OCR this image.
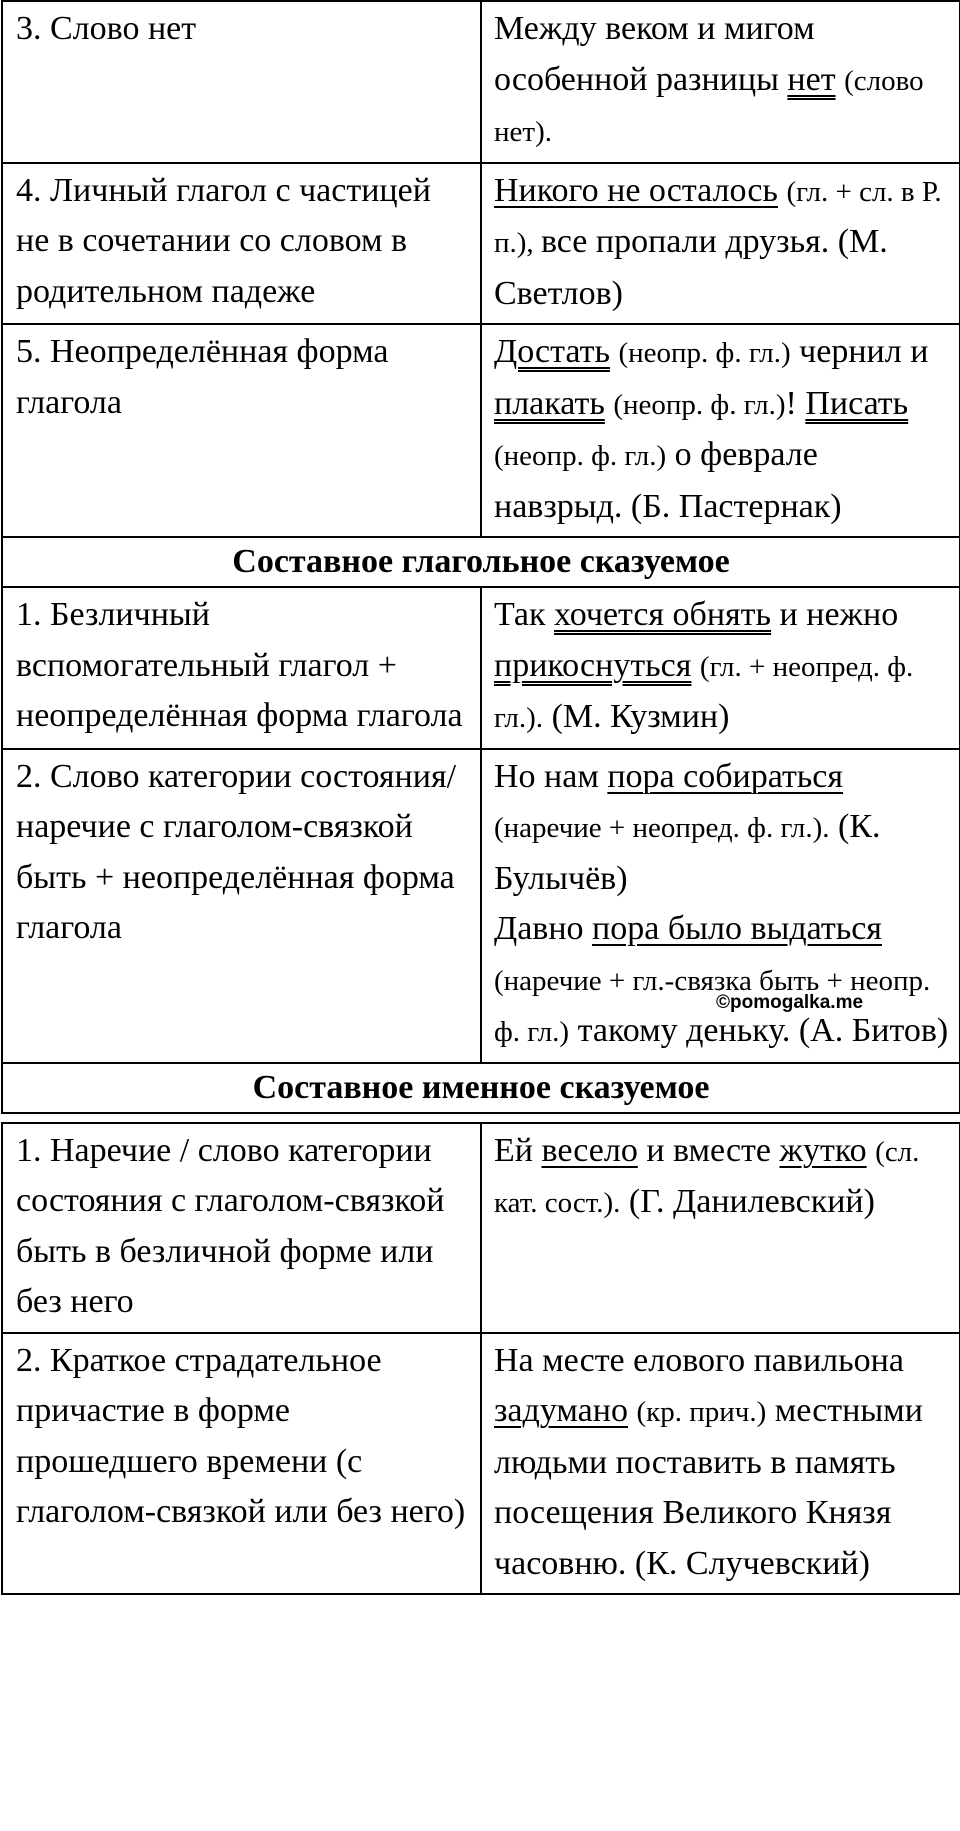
3. Слово нет	Между веком и мигом особенной разницы нет (слово нет).
4. Личный глагол с частицей не в сочетании со словом в родительном падеже	Никого не осталось (гл. + сл. в Р. п.), все пропали друзья. (М. Светлов)
5. Неопределённая форма глагола	Достать (неопр. ф. гл.) чернил и плакать (неопр. ф. гл.)! Писать (неопр. ф. гл.) о феврале навзрыд. (Б. Пастернак)
Составное глагольное сказуемое	
1. Безличный вспомогательный глагол + неопределённая форма глагола	Так хочется обнять и нежно прикоснуться (гл. + неопред. ф. гл.). (М. Кузмин)
2. Слово категории состояния/ наречие с глаголом-связкой быть + неопределённая форма глагола	Но нам пора собираться (наречие + неопред. ф. гл.). (К. Булычёв)
Давно пора было выдаться (наречие + гл.-связка быть + неопр. ф. гл.) такому деньку. (А. Битов)
Составное именное сказуемое	
1. Наречие / слово категории состояния с глаголом-связкой быть в безличной форме или без него	Ей весело и вместе жутко (сл. кат. сост.). (Г. Данилевский)
2. Краткое страдательное причастие в форме прошедшего времени (с глаголом-связкой или без него)	На месте елового павильона задумано (кр. прич.) местными людьми поставить в память посещения Великого Князя часовню. (К. Случевский)
©pomogalka.me
